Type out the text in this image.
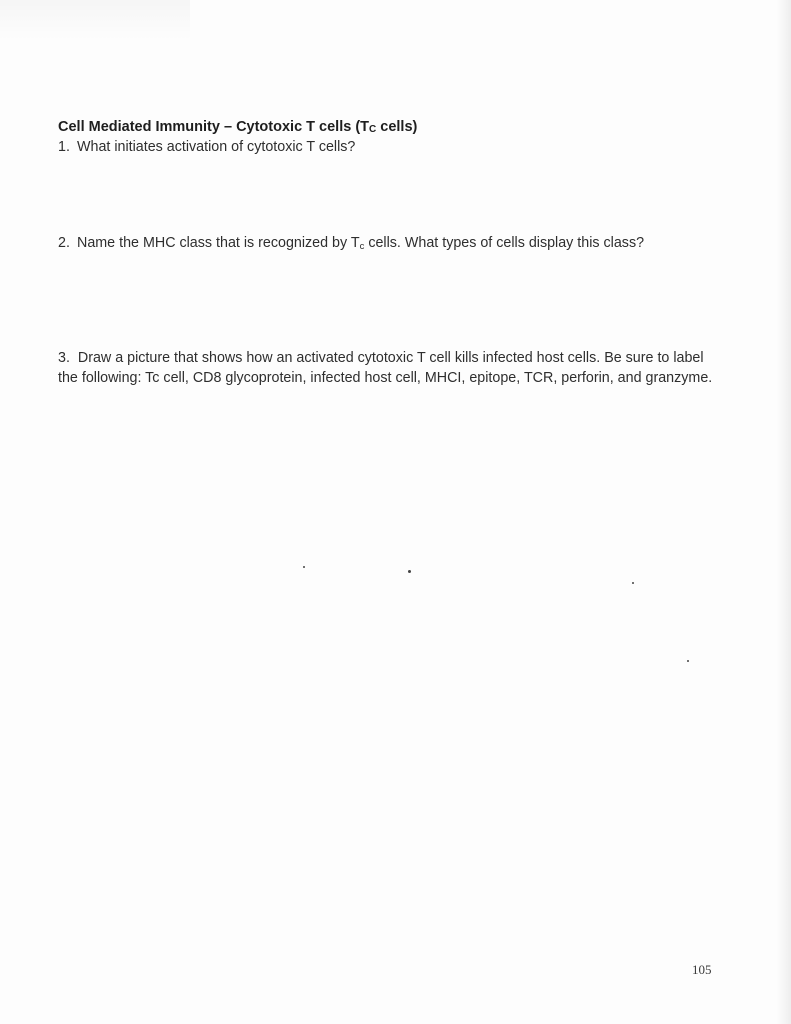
Cell Mediated Immunity – Cytotoxic T cells ($T_C$ cells)
1. What initiates activation of cytotoxic T cells?
2. Name the MHC class that is recognized by $T_c$ cells. What types of cells display this class?
3. Draw a picture that shows how an activated cytotoxic T cell kills infected host cells. Be sure to label the following: Tc cell, CD8 glycoprotein, infected host cell, MHCI, epitope, TCR, perforin, and granzyme.
105
